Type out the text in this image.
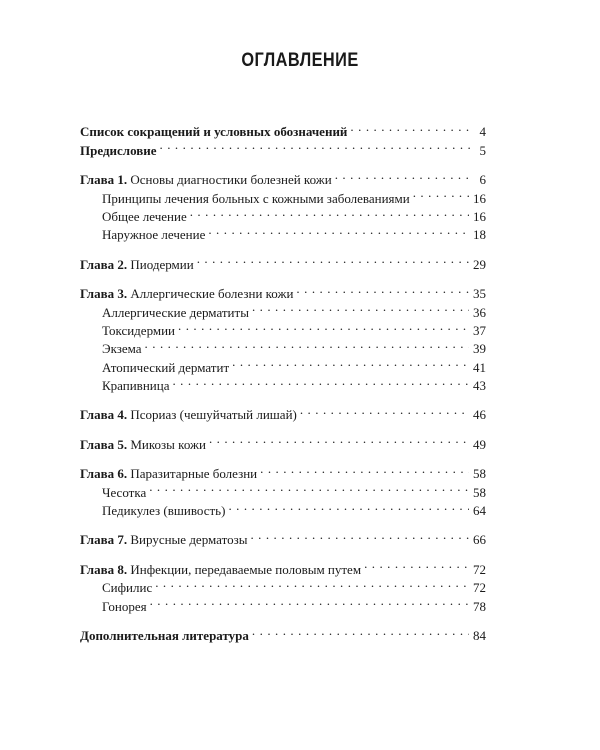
ОГЛАВЛЕНИЕ
Список сокращений и условных обозначений . . .	4
Предисловие . . .	5
Глава 1. Основы диагностики болезней кожи . . .	6
Принципы лечения больных с кожными заболеваниями . . .	16
Общее лечение . . .	16
Наружное лечение . . .	18
Глава 2. Пиодермии . . .	29
Глава 3. Аллергические болезни кожи . . .	35
Аллергические дерматиты . . .	36
Токсидермии . . .	37
Экзема . . .	39
Атопический дерматит . . .	41
Крапивница . . .	43
Глава 4. Псориаз (чешуйчатый лишай) . . .	46
Глава 5. Микозы кожи . . .	49
Глава 6. Паразитарные болезни . . .	58
Чесотка . . .	58
Педикулез (вшивость) . . .	64
Глава 7. Вирусные дерматозы . . .	66
Глава 8. Инфекции, передаваемые половым путем . . .	72
Сифилис . . .	72
Гонорея . . .	78
Дополнительная литература . . .	84
